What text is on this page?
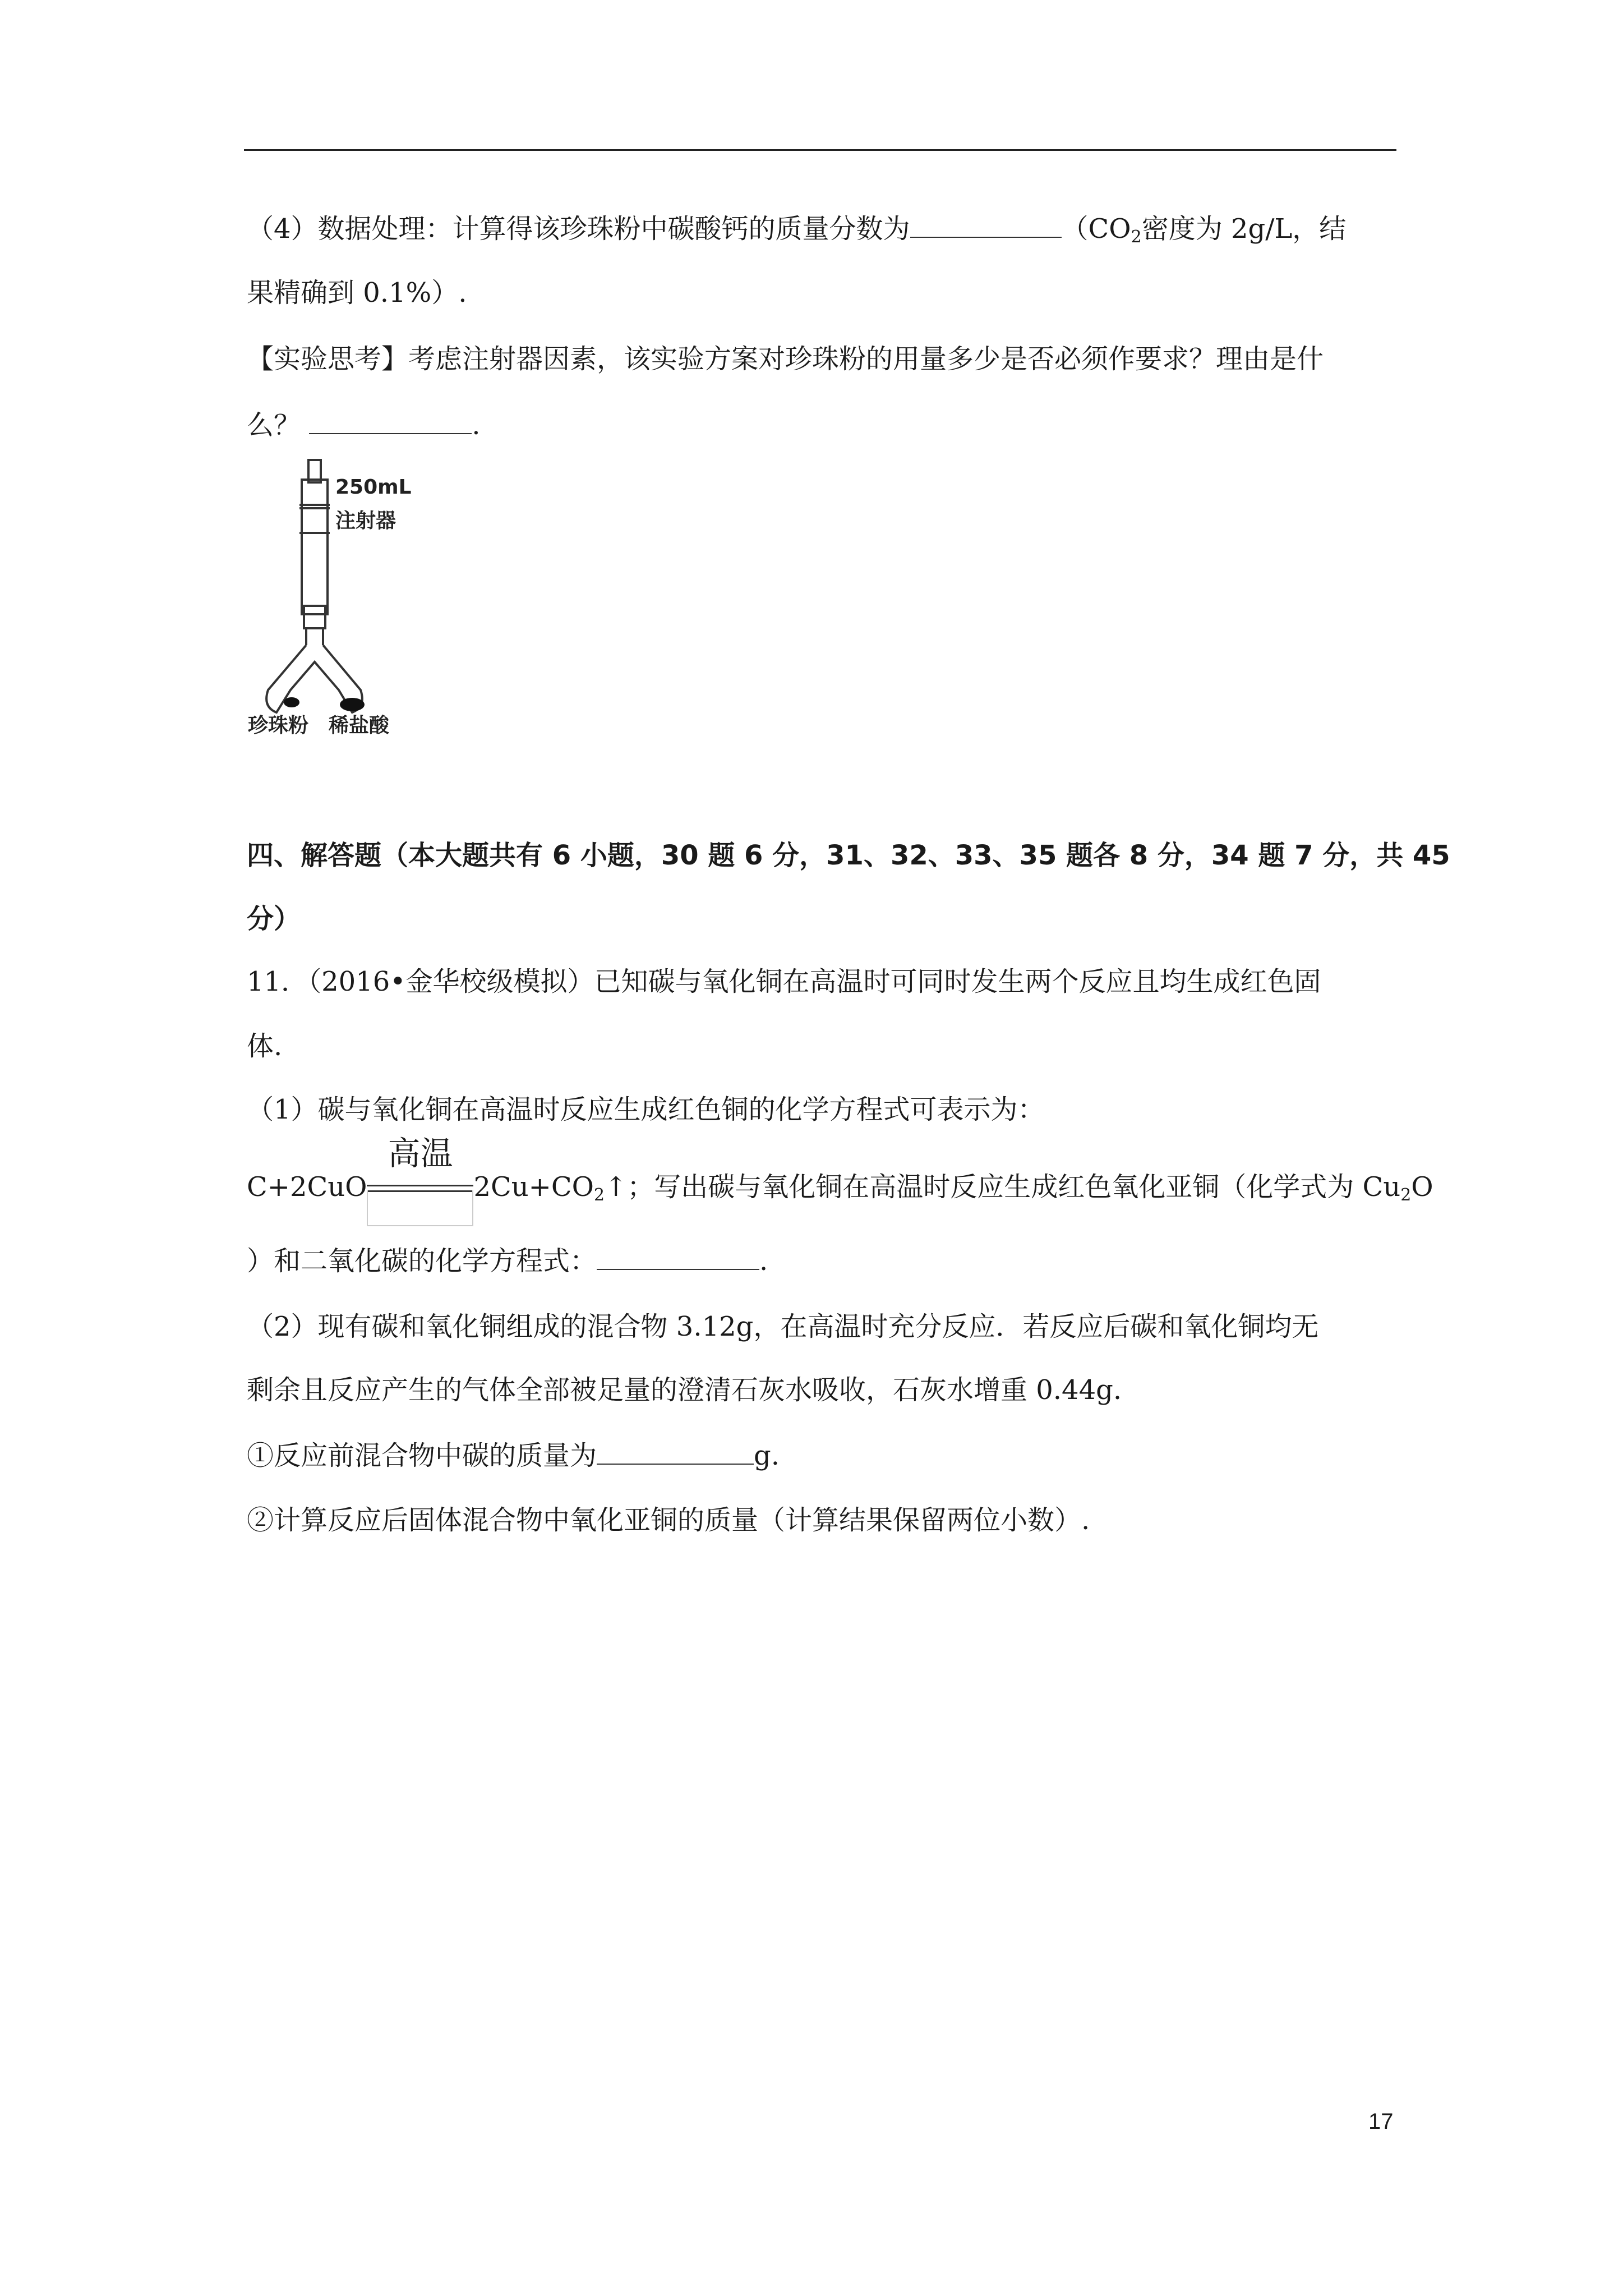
（4）数据处理：计算得该珍珠粉中碳酸钙的质量分数为	（$CO_2$密度为 2g/L，结
果精确到 0.1%）.
【实验思考】考虑注射器因素，该实验方案对珍珠粉的用量多少是否必须作要求？理由是什
么？	.
250mL
注射器
珍珠粉 稀盐酸
四、解答题（本大题共有 6 小题，30 题 6 分，31、32、33、35 题各 8 分，34 题 7 分，共 45
分）
11．（2016•金华校级模拟）已知碳与氧化铜在高温时可同时发生两个反应且均生成红色固
体.
（1）碳与氧化铜在高温时反应生成红色铜的化学方程式可表示为：
C+2CuO
高温
$2Cu+CO_2↑$；写出碳与氧化铜在高温时反应生成红色氧化亚铜（化学式为 $Cu_2O$
）和二氧化碳的化学方程式：	.
（2）现有碳和氧化铜组成的混合物 3.12g，在高温时充分反应．若反应后碳和氧化铜均无
剩余且反应产生的气体全部被足量的澄清石灰水吸收，石灰水增重 0.44g.
①反应前混合物中碳的质量为	g.
②计算反应后固体混合物中氧化亚铜的质量（计算结果保留两位小数）.
17
